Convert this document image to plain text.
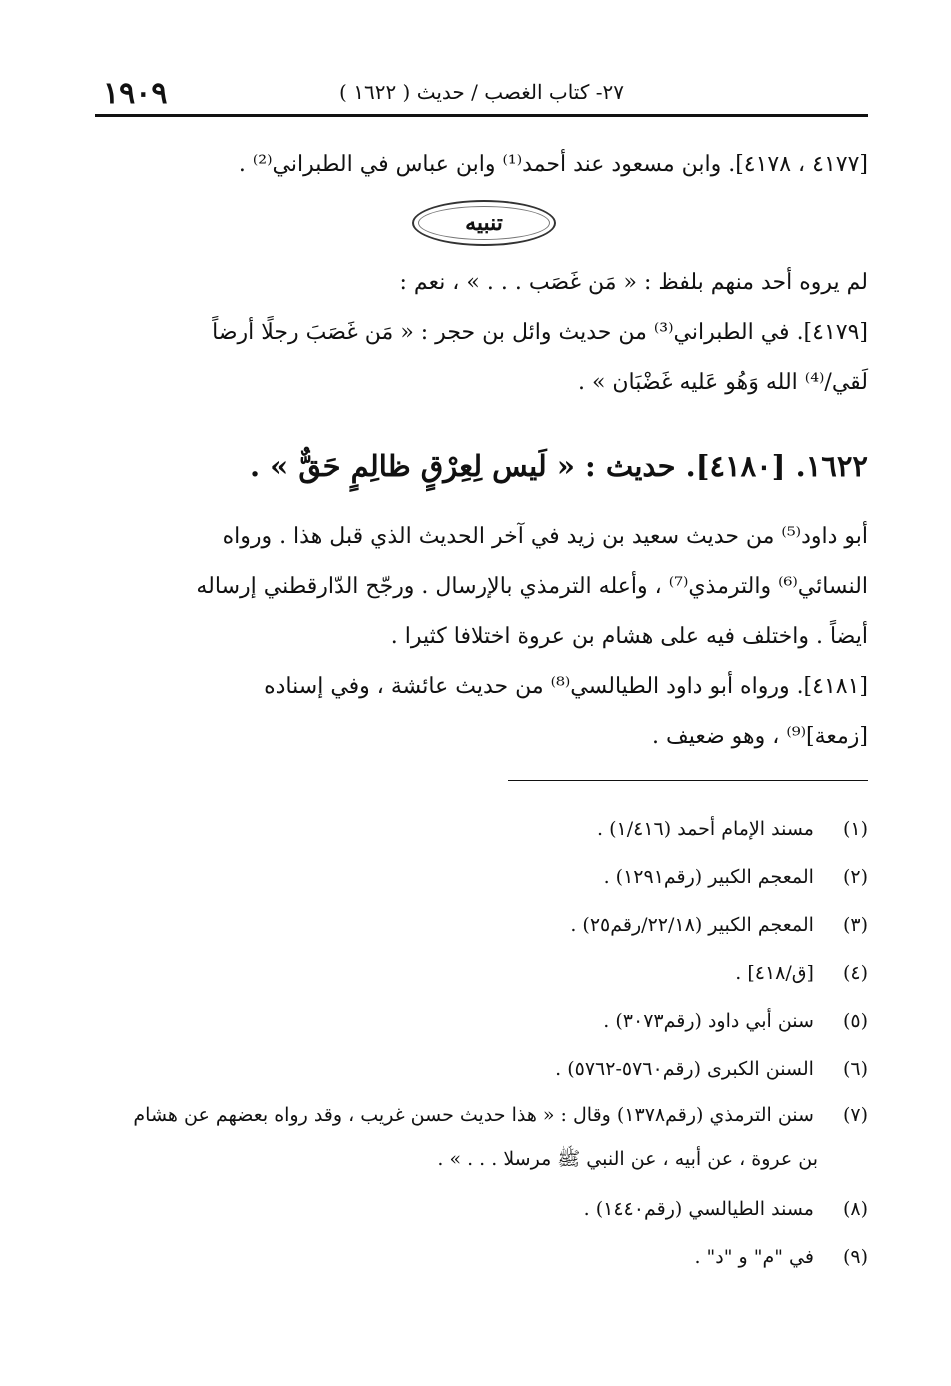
١٩٠٩	٢٧- كتاب الغصب / حديث ( ١٦٢٢ )
[٤١٧٧ ، ٤١٧٨]. وابن مسعود عند أحمد⁽¹⁾ وابن عباس في الطبراني⁽²⁾ .
تنبيه
لم يروه أحد منهم بلفظ : « مَن غَصَب . . . » ، نعم :
[٤١٧٩]. في الطبراني⁽³⁾ من حديث وائل بن حجر : « مَن غَصَبَ رجلًا أرضاً
لَقي/⁽⁴⁾ الله وَهُو عَليه غَضْبَان » .
١٦٢٢. [٤١٨٠]. حديث : « لَيس لِعِرْقٍ ظالِمٍ حَقٌّ » .
أبو داود⁽⁵⁾ من حديث سعيد بن زيد في آخر الحديث الذي قبل هذا . ورواه
النسائي⁽⁶⁾ والترمذي⁽⁷⁾ ، وأعله الترمذي بالإرسال . ورجّح الدّارقطني إرساله
أيضاً . واختلف فيه على هشام بن عروة اختلافا كثيرا .
[٤١٨١]. ورواه أبو داود الطيالسي⁽⁸⁾ من حديث عائشة ، وفي إسناده
[زمعة]⁽⁹⁾ ، وهو ضعيف .
(١) مسند الإمام أحمد (١/٤١٦) .
(٢) المعجم الكبير (رقم١٢٩١) .
(٣) المعجم الكبير (٢٢/١٨/رقم٢٥) .
(٤) [ق/٤١٨] .
(٥) سنن أبي داود (رقم٣٠٧٣) .
(٦) السنن الكبرى (رقم٥٧٦٠-٥٧٦٢) .
(٧) سنن الترمذي (رقم١٣٧٨) وقال : « هذا حديث حسن غريب ، وقد رواه بعضهم عن هشام
بن عروة ، عن أبيه ، عن النبي ﷺ مرسلا . . . » .
(٨) مسند الطيالسي (رقم١٤٤٠) .
(٩) في "م" و "د" .
